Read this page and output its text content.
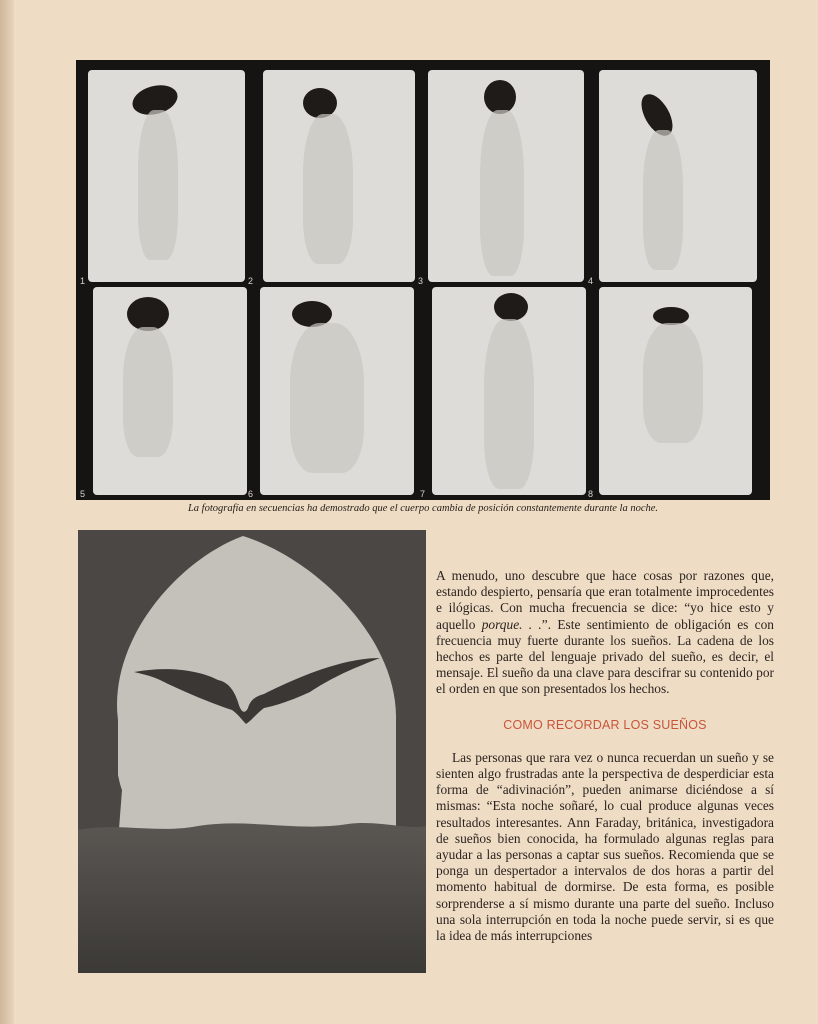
1	2	3	4
5	6	7	8
La fotografía en secuencias ha demostrado que el cuerpo cambia de posición constantemente durante la noche.

A menudo, uno descubre que hace cosas por razones que, estando despierto, pensaría que eran totalmente improcedentes e ilógicas. Con mucha frecuencia se dice: “yo hice esto y aquello porque. . .”. Este sentimiento de obligación es con frecuencia muy fuerte durante los sueños. La cadena de los hechos es parte del lenguaje privado del sueño, es decir, el mensaje. El sueño da una clave para descifrar su contenido por el orden en que son presentados los hechos.

COMO RECORDAR LOS SUEÑOS

Las personas que rara vez o nunca recuerdan un sueño y se sienten algo frustradas ante la perspectiva de desperdiciar esta forma de “adivinación”, pueden animarse diciéndose a sí mismas: “Esta noche soñaré, lo cual produce algunas veces resultados interesantes. Ann Faraday, británica, investigadora de sueños bien conocida, ha formulado algunas reglas para ayudar a las personas a captar sus sueños. Recomienda que se ponga un despertador a intervalos de dos horas a partir del momento habitual de dormirse. De esta forma, es posible sorprenderse a sí mismo durante una parte del sueño. Incluso una sola interrupción en toda la noche puede servir, si es que la idea de más interrupciones
